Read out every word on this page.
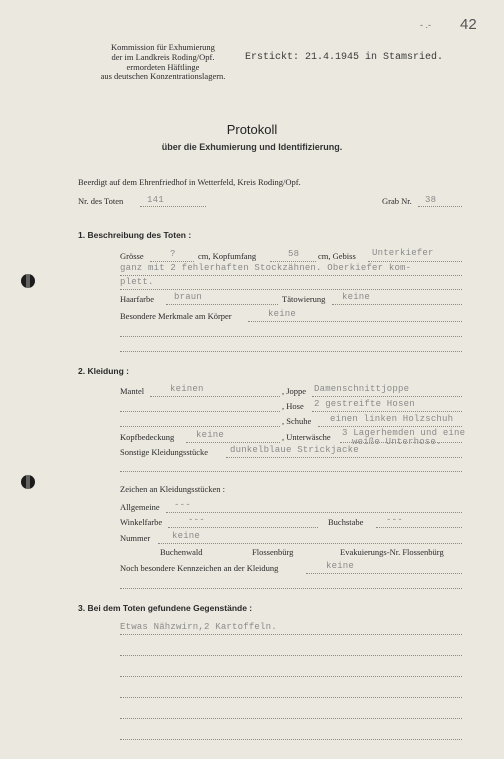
Kommission für Exhumierung
der im Landkreis Roding/Opf.
ermordeten Häftlinge
aus deutschen Konzentrationslagern.
Erstickt: 21.4.1945 in Stamsried.
42
- .-
Protokoll
über die Exhumierung und Identifizierung.
Beerdigt auf dem Ehrenfriedhof in Wetterfeld, Kreis Roding/Opf.
Nr. des Toten	141	Grab Nr. 38
1. Beschreibung des Toten :
Grösse	?	cm, Kopfumfang	58 cm, Gebiss Unterkiefer
ganz mit 2 fehlerhaften Stockzähnen. Oberkiefer kom-
plett.
Haarfarbe braun	Tätowierung keine
Besondere Merkmale am Körper	keine
2. Kleidung :
Mantel	keinen	, Joppe Damenschnittjoppe
, Hose 2 gestreifte Hosen
, Schuhe einen linken Holzschuh
Kopfbedeckung keine	, Unterwäsche 3 Lagerhemden und eine
weiße Unterhose.
Sonstige Kleidungsstücke dunkelblaue Strickjacke
Zeichen an Kleidungsstücken :
Allgemeine ---
Winkelfarbe	---	Buchstabe	---
Nummer keine
Buchenwald	Flossenbürg	Evakuierungs-Nr. Flossenbürg
Noch besondere Kennzeichen an der Kleidung	keine
3. Bei dem Toten gefundene Gegenstände :
Etwas Nähzwirn,2 Kartoffeln.
